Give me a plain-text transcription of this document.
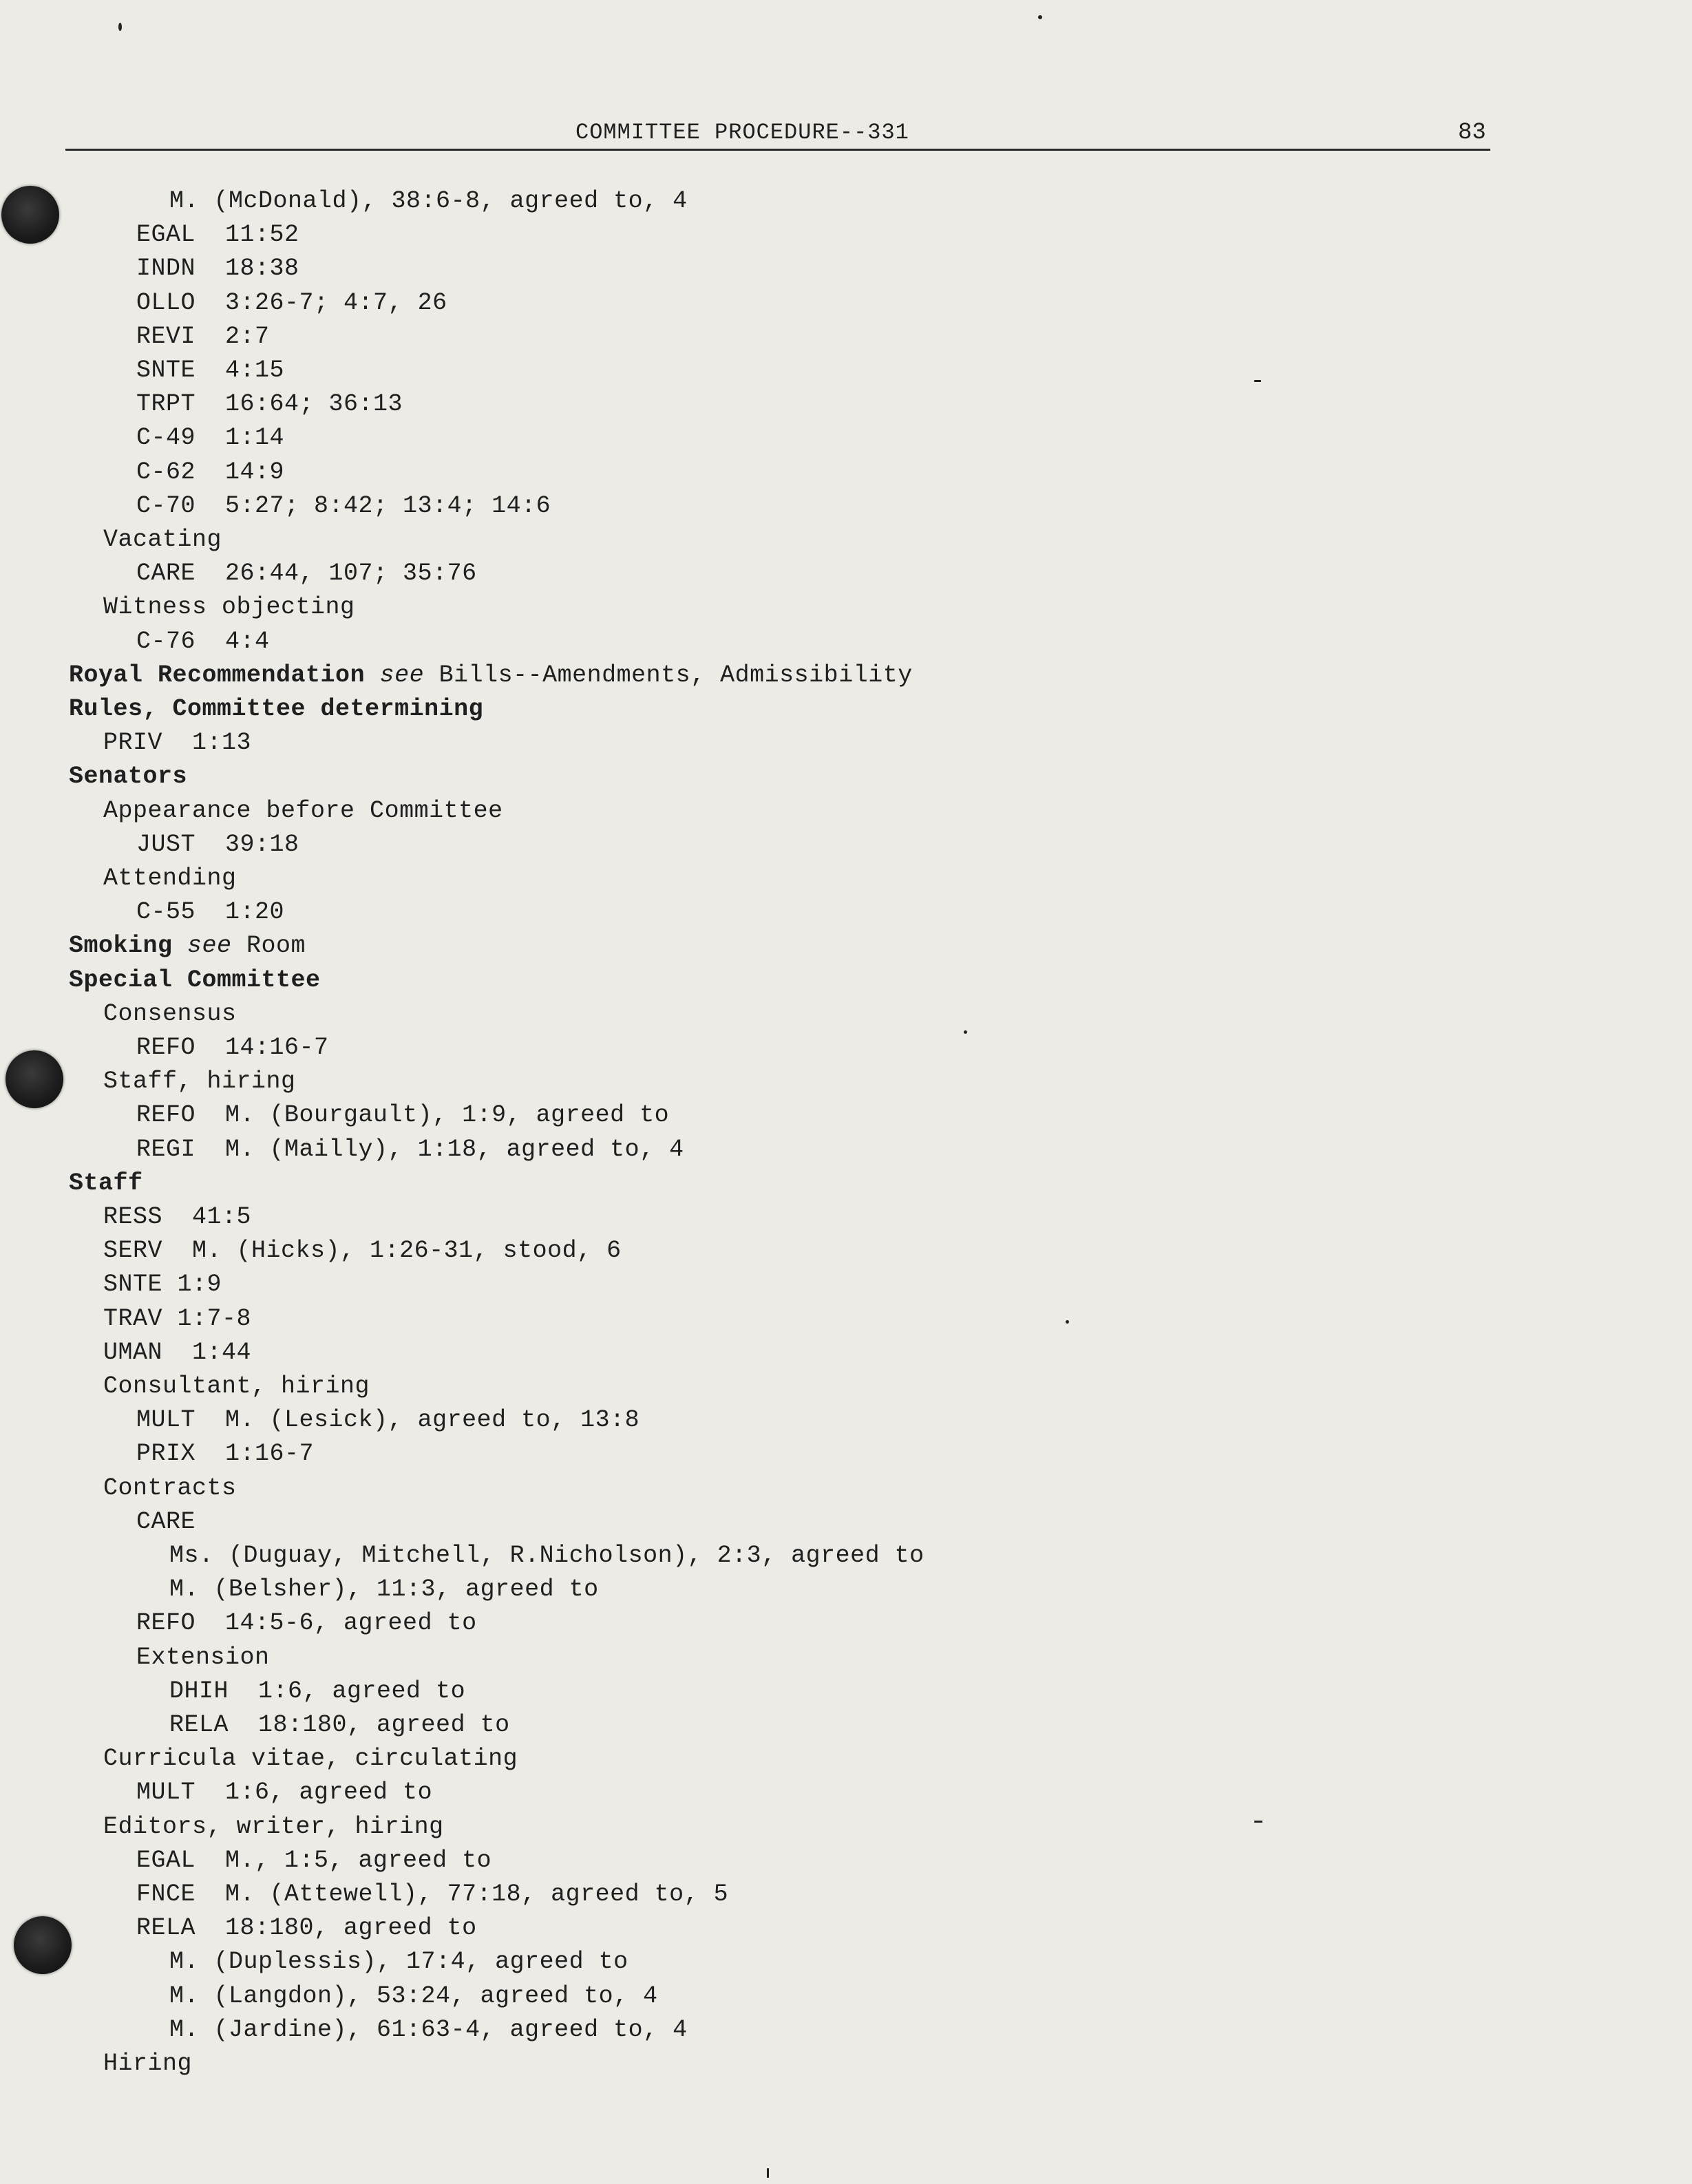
COMMITTEE PROCEDURE--331	83
M. (McDonald), 38:6-8, agreed to, 4
EGAL  11:52
INDN  18:38
OLLO  3:26-7; 4:7, 26
REVI  2:7
SNTE  4:15
TRPT  16:64; 36:13
C-49  1:14
C-62  14:9
C-70  5:27; 8:42; 13:4; 14:6
Vacating
CARE  26:44, 107; 35:76
Witness objecting
C-76  4:4
Royal Recommendation see Bills--Amendments, Admissibility
Rules, Committee determining
PRIV  1:13
Senators
Appearance before Committee
JUST  39:18
Attending
C-55  1:20
Smoking see Room
Special Committee
Consensus
REFO  14:16-7
Staff, hiring
REFO  M. (Bourgault), 1:9, agreed to
REGI  M. (Mailly), 1:18, agreed to, 4
Staff
RESS  41:5
SERV  M. (Hicks), 1:26-31, stood, 6
SNTE 1:9
TRAV 1:7-8
UMAN  1:44
Consultant, hiring
MULT  M. (Lesick), agreed to, 13:8
PRIX  1:16-7
Contracts
CARE
Ms. (Duguay, Mitchell, R.Nicholson), 2:3, agreed to
M. (Belsher), 11:3, agreed to
REFO  14:5-6, agreed to
Extension
DHIH  1:6, agreed to
RELA  18:180, agreed to
Curricula vitae, circulating
MULT  1:6, agreed to
Editors, writer, hiring
EGAL  M., 1:5, agreed to
FNCE  M. (Attewell), 77:18, agreed to, 5
RELA  18:180, agreed to
M. (Duplessis), 17:4, agreed to
M. (Langdon), 53:24, agreed to, 4
M. (Jardine), 61:63-4, agreed to, 4
Hiring
